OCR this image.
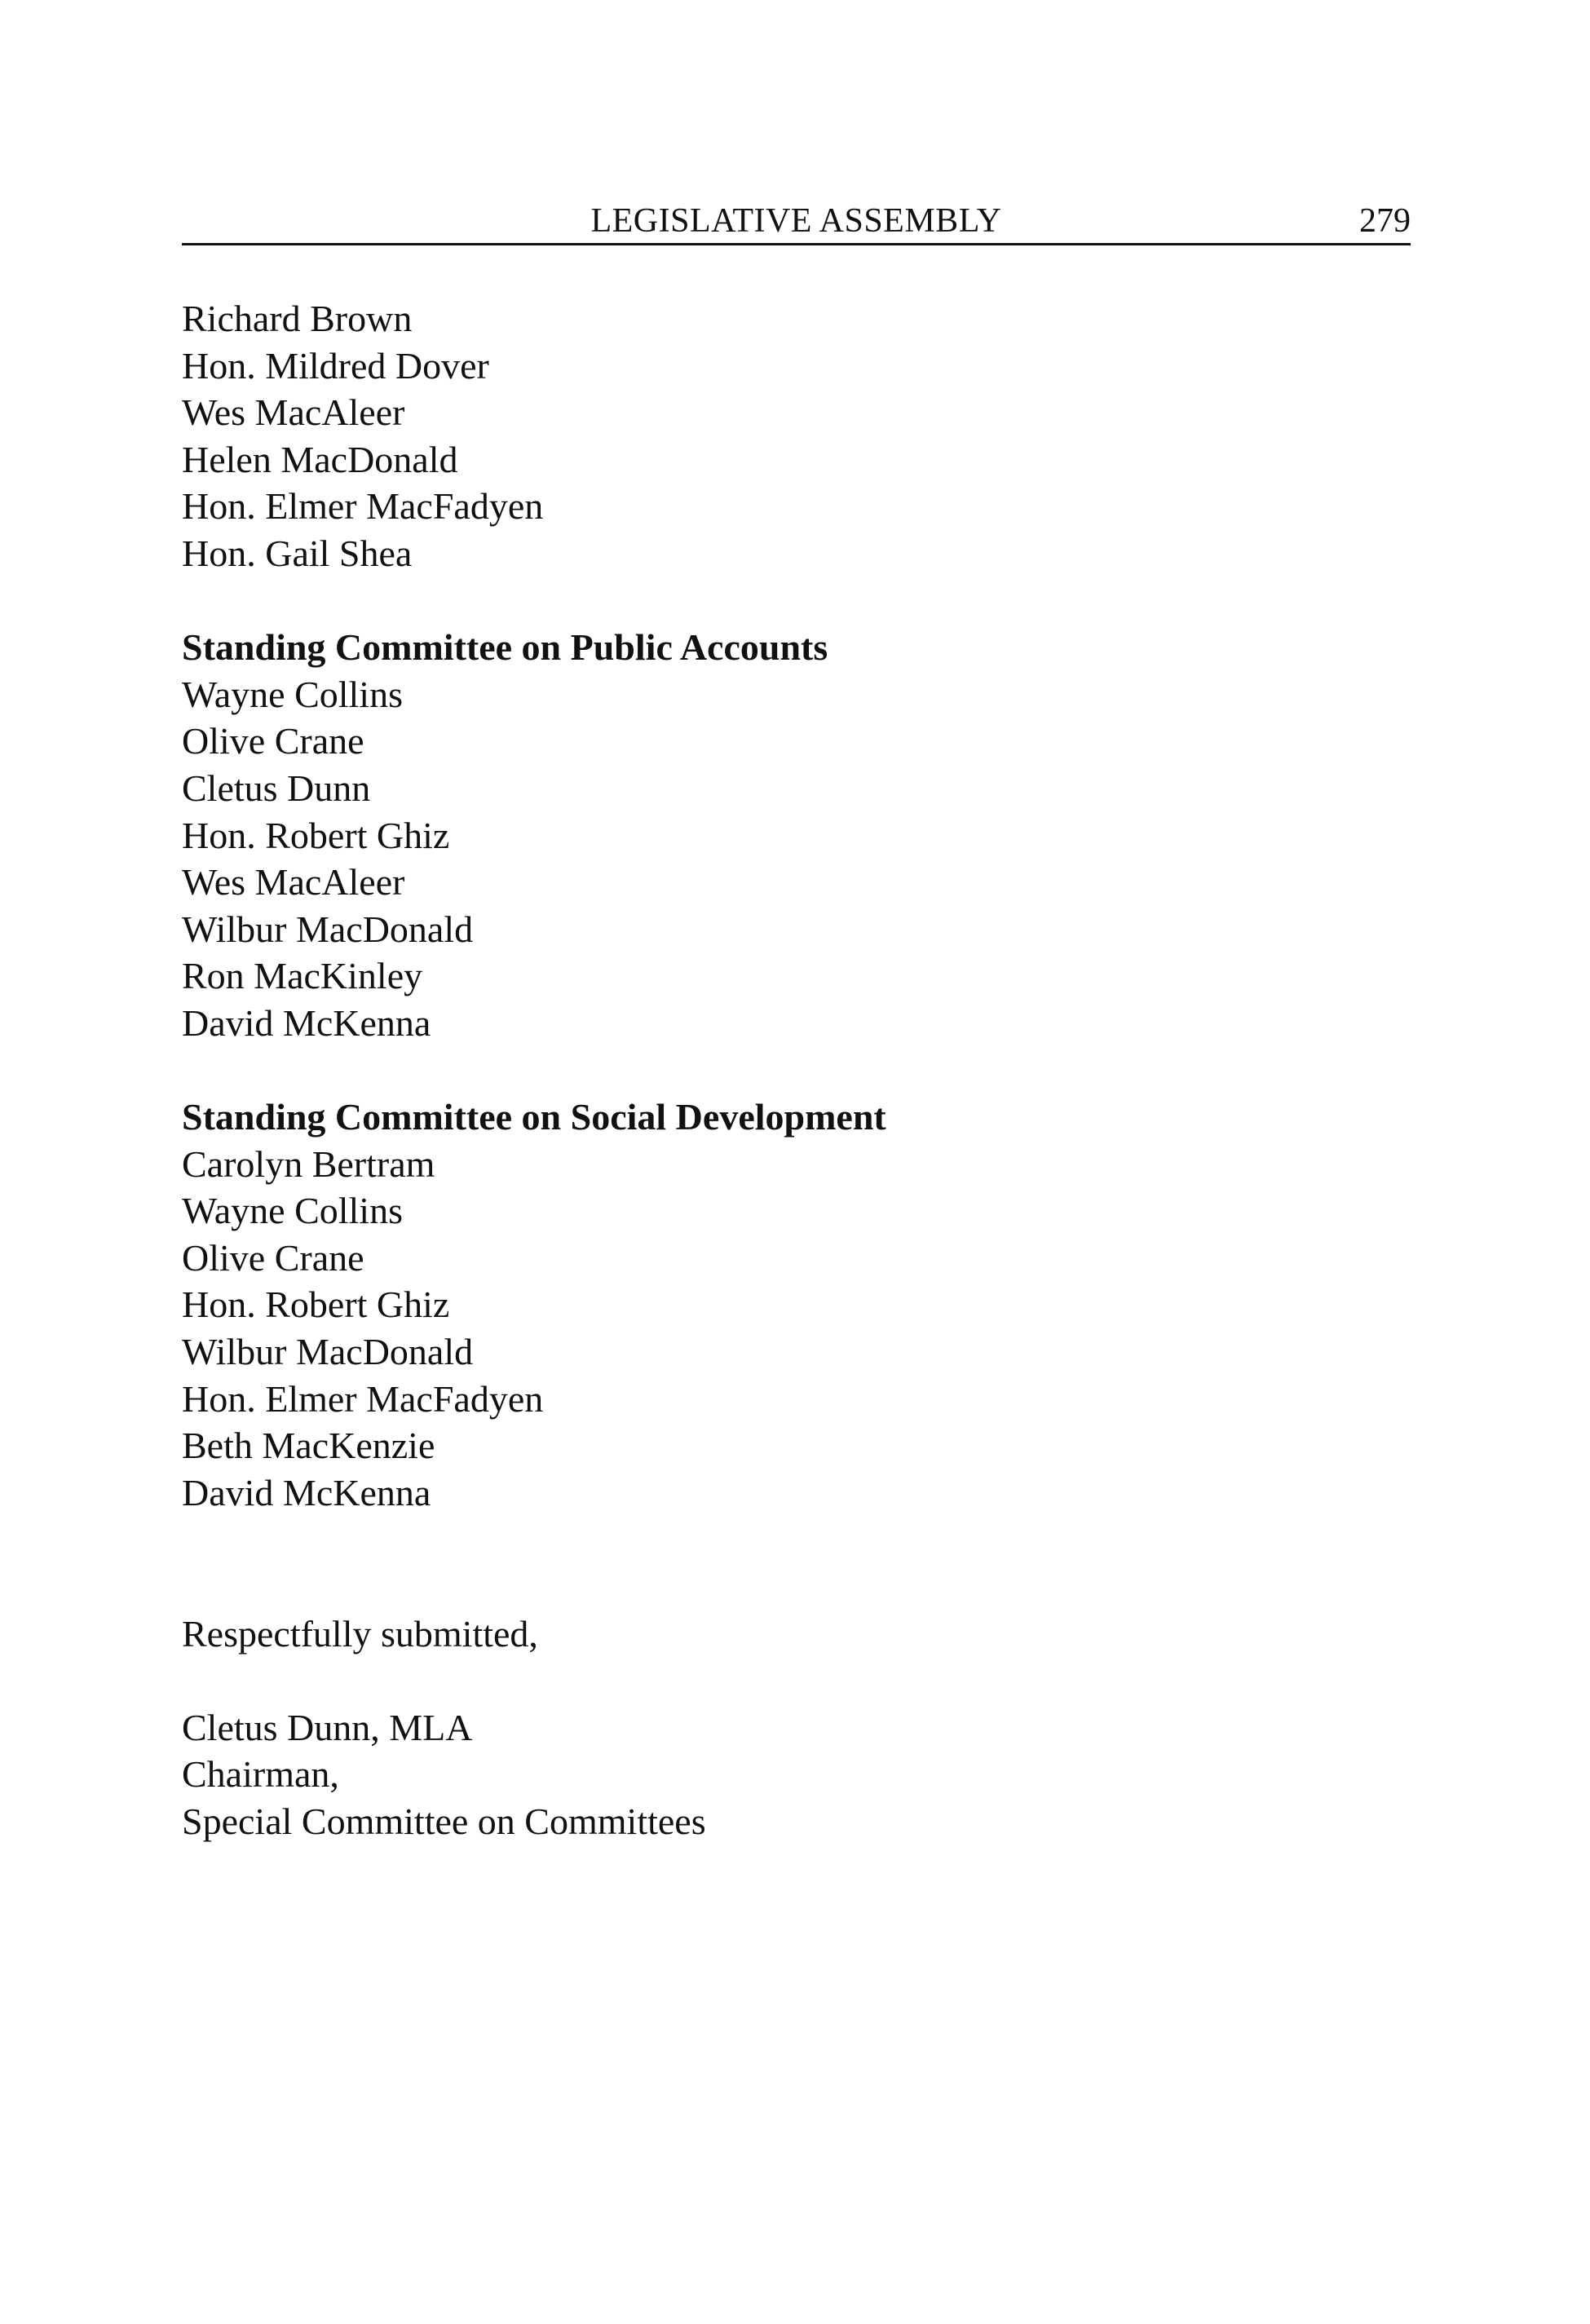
LEGISLATIVE ASSEMBLY	279
Richard Brown
Hon. Mildred Dover
Wes MacAleer
Helen MacDonald
Hon. Elmer MacFadyen
Hon. Gail Shea
Standing Committee on Public Accounts
Wayne Collins
Olive Crane
Cletus Dunn
Hon. Robert Ghiz
Wes MacAleer
Wilbur MacDonald
Ron MacKinley
David McKenna
Standing Committee on Social Development
Carolyn Bertram
Wayne Collins
Olive Crane
Hon. Robert Ghiz
Wilbur MacDonald
Hon. Elmer MacFadyen
Beth MacKenzie
David McKenna
Respectfully submitted,
Cletus Dunn, MLA
Chairman,
Special Committee on Committees
